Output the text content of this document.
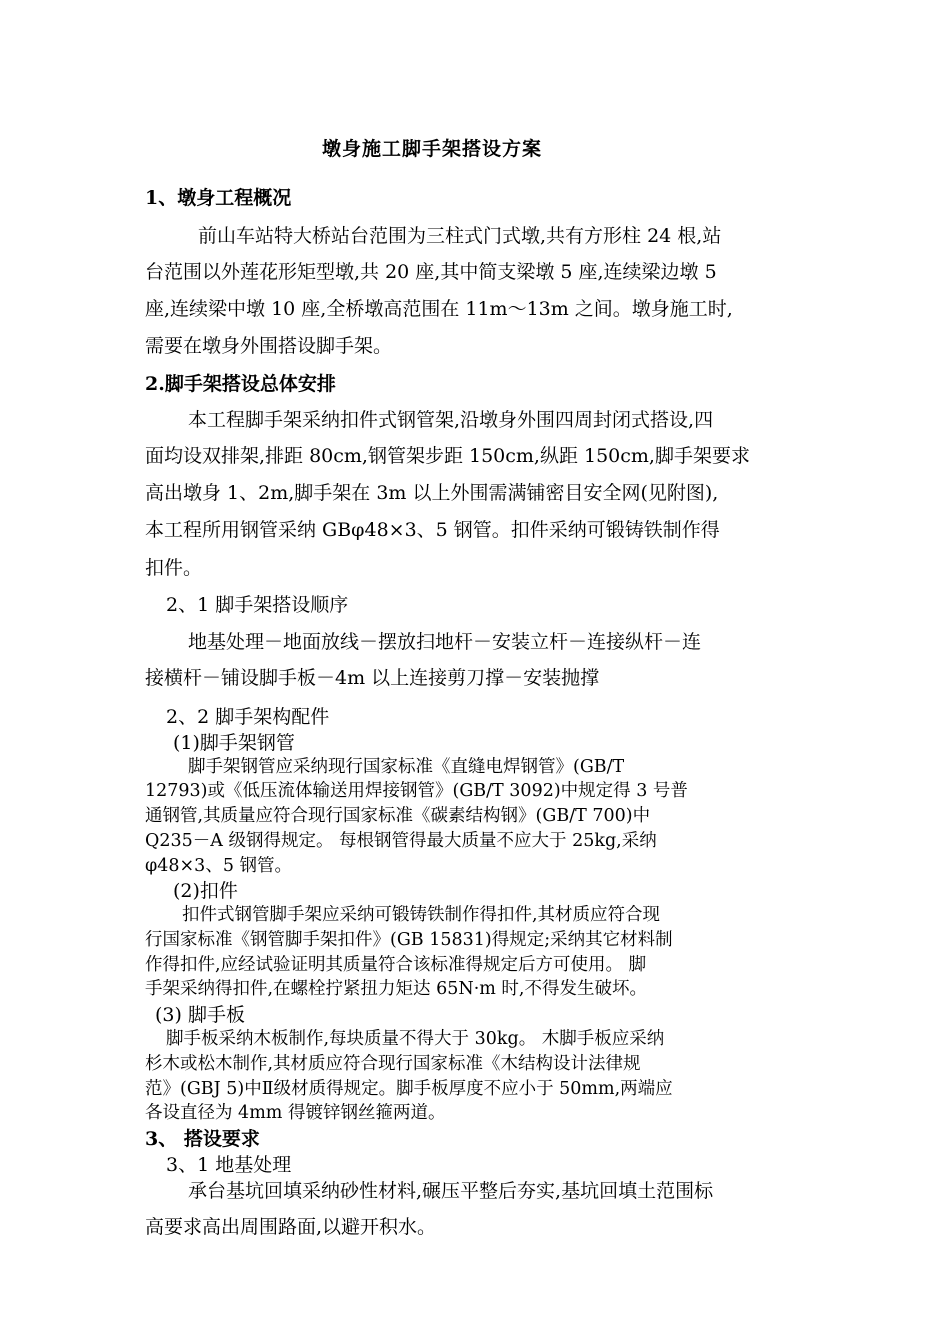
墩身施工脚手架搭设方案
1、墩身工程概况
前山车站特大桥站台范围为三柱式门式墩,共有方形柱 24 根,站
台范围以外莲花形矩型墩,共 20 座,其中简支梁墩 5 座,连续梁边墩 5
座,连续梁中墩 10 座,全桥墩高范围在 11m～13m 之间。墩身施工时,
需要在墩身外围搭设脚手架。
2.脚手架搭设总体安排
本工程脚手架采纳扣件式钢管架,沿墩身外围四周封闭式搭设,四
面均设双排架,排距 80cm,钢管架步距 150cm,纵距 150cm,脚手架要求
高出墩身 1、2m,脚手架在 3m 以上外围需满铺密目安全网(见附图),
本工程所用钢管采纳 GBφ48×3、5 钢管。扣件采纳可锻铸铁制作得
扣件。
2、1 脚手架搭设顺序
地基处理－地面放线－摆放扫地杆－安装立杆－连接纵杆－连
接横杆－铺设脚手板－4m 以上连接剪刀撑－安装抛撑
2、2 脚手架构配件
(1)脚手架钢管
脚手架钢管应采纳现行国家标准《直缝电焊钢管》(GB/T
12793)或《低压流体输送用焊接钢管》(GB/T 3092)中规定得 3 号普
通钢管,其质量应符合现行国家标准《碳素结构钢》(GB/T 700)中
Q235－A 级钢得规定。 每根钢管得最大质量不应大于 25kg,采纳
φ48×3、5 钢管。
(2)扣件
扣件式钢管脚手架应采纳可锻铸铁制作得扣件,其材质应符合现
行国家标准《钢管脚手架扣件》(GB 15831)得规定;采纳其它材料制
作得扣件,应经试验证明其质量符合该标准得规定后方可使用。 脚
手架采纳得扣件,在螺栓拧紧扭力矩达 65N·m 时,不得发生破坏。
(3) 脚手板
脚手板采纳木板制作,每块质量不得大于 30kg。 木脚手板应采纳
杉木或松木制作,其材质应符合现行国家标准《木结构设计法律规
范》(GBJ 5)中Ⅱ级材质得规定。脚手板厚度不应小于 50mm,两端应
各设直径为 4mm 得镀锌钢丝箍两道。
3、 搭设要求
3、1 地基处理
承台基坑回填采纳砂性材料,碾压平整后夯实,基坑回填土范围标
高要求高出周围路面,以避开积水。
